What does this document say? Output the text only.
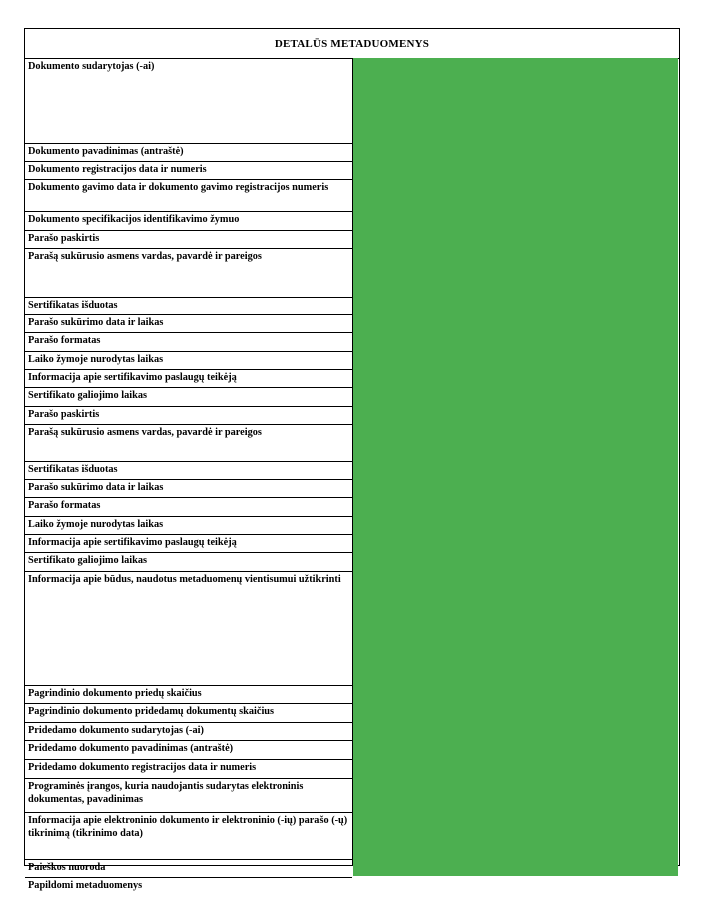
DETALŪS METADUOMENYS
Dokumento sudarytojas (-ai)
Dokumento pavadinimas (antraštė)
Dokumento registracijos data ir numeris
Dokumento gavimo data ir dokumento gavimo registracijos numeris
Dokumento specifikacijos identifikavimo žymuo
Parašo paskirtis
Parašą sukūrusio asmens vardas, pavardė ir pareigos
Sertifikatas išduotas
Parašo sukūrimo data ir laikas
Parašo formatas
Laiko žymoje nurodytas laikas
Informacija apie sertifikavimo paslaugų teikėją
Sertifikato galiojimo laikas
Parašo paskirtis
Parašą sukūrusio asmens vardas, pavardė ir pareigos
Sertifikatas išduotas
Parašo sukūrimo data ir laikas
Parašo formatas
Laiko žymoje nurodytas laikas
Informacija apie sertifikavimo paslaugų teikėją
Sertifikato galiojimo laikas
Informacija apie būdus, naudotus metaduomenų vientisumui užtikrinti
Pagrindinio dokumento priedų skaičius
Pagrindinio dokumento pridedamų dokumentų skaičius
Pridedamo dokumento sudarytojas (-ai)
Pridedamo dokumento pavadinimas (antraštė)
Pridedamo dokumento registracijos data ir numeris
Programinės įrangos, kuria naudojantis sudarytas elektroninis dokumentas, pavadinimas
Informacija apie elektroninio dokumento ir elektroninio (-ių) parašo (-ų) tikrinimą (tikrinimo data)
Paieškos nuoroda
Papildomi metaduomenys
